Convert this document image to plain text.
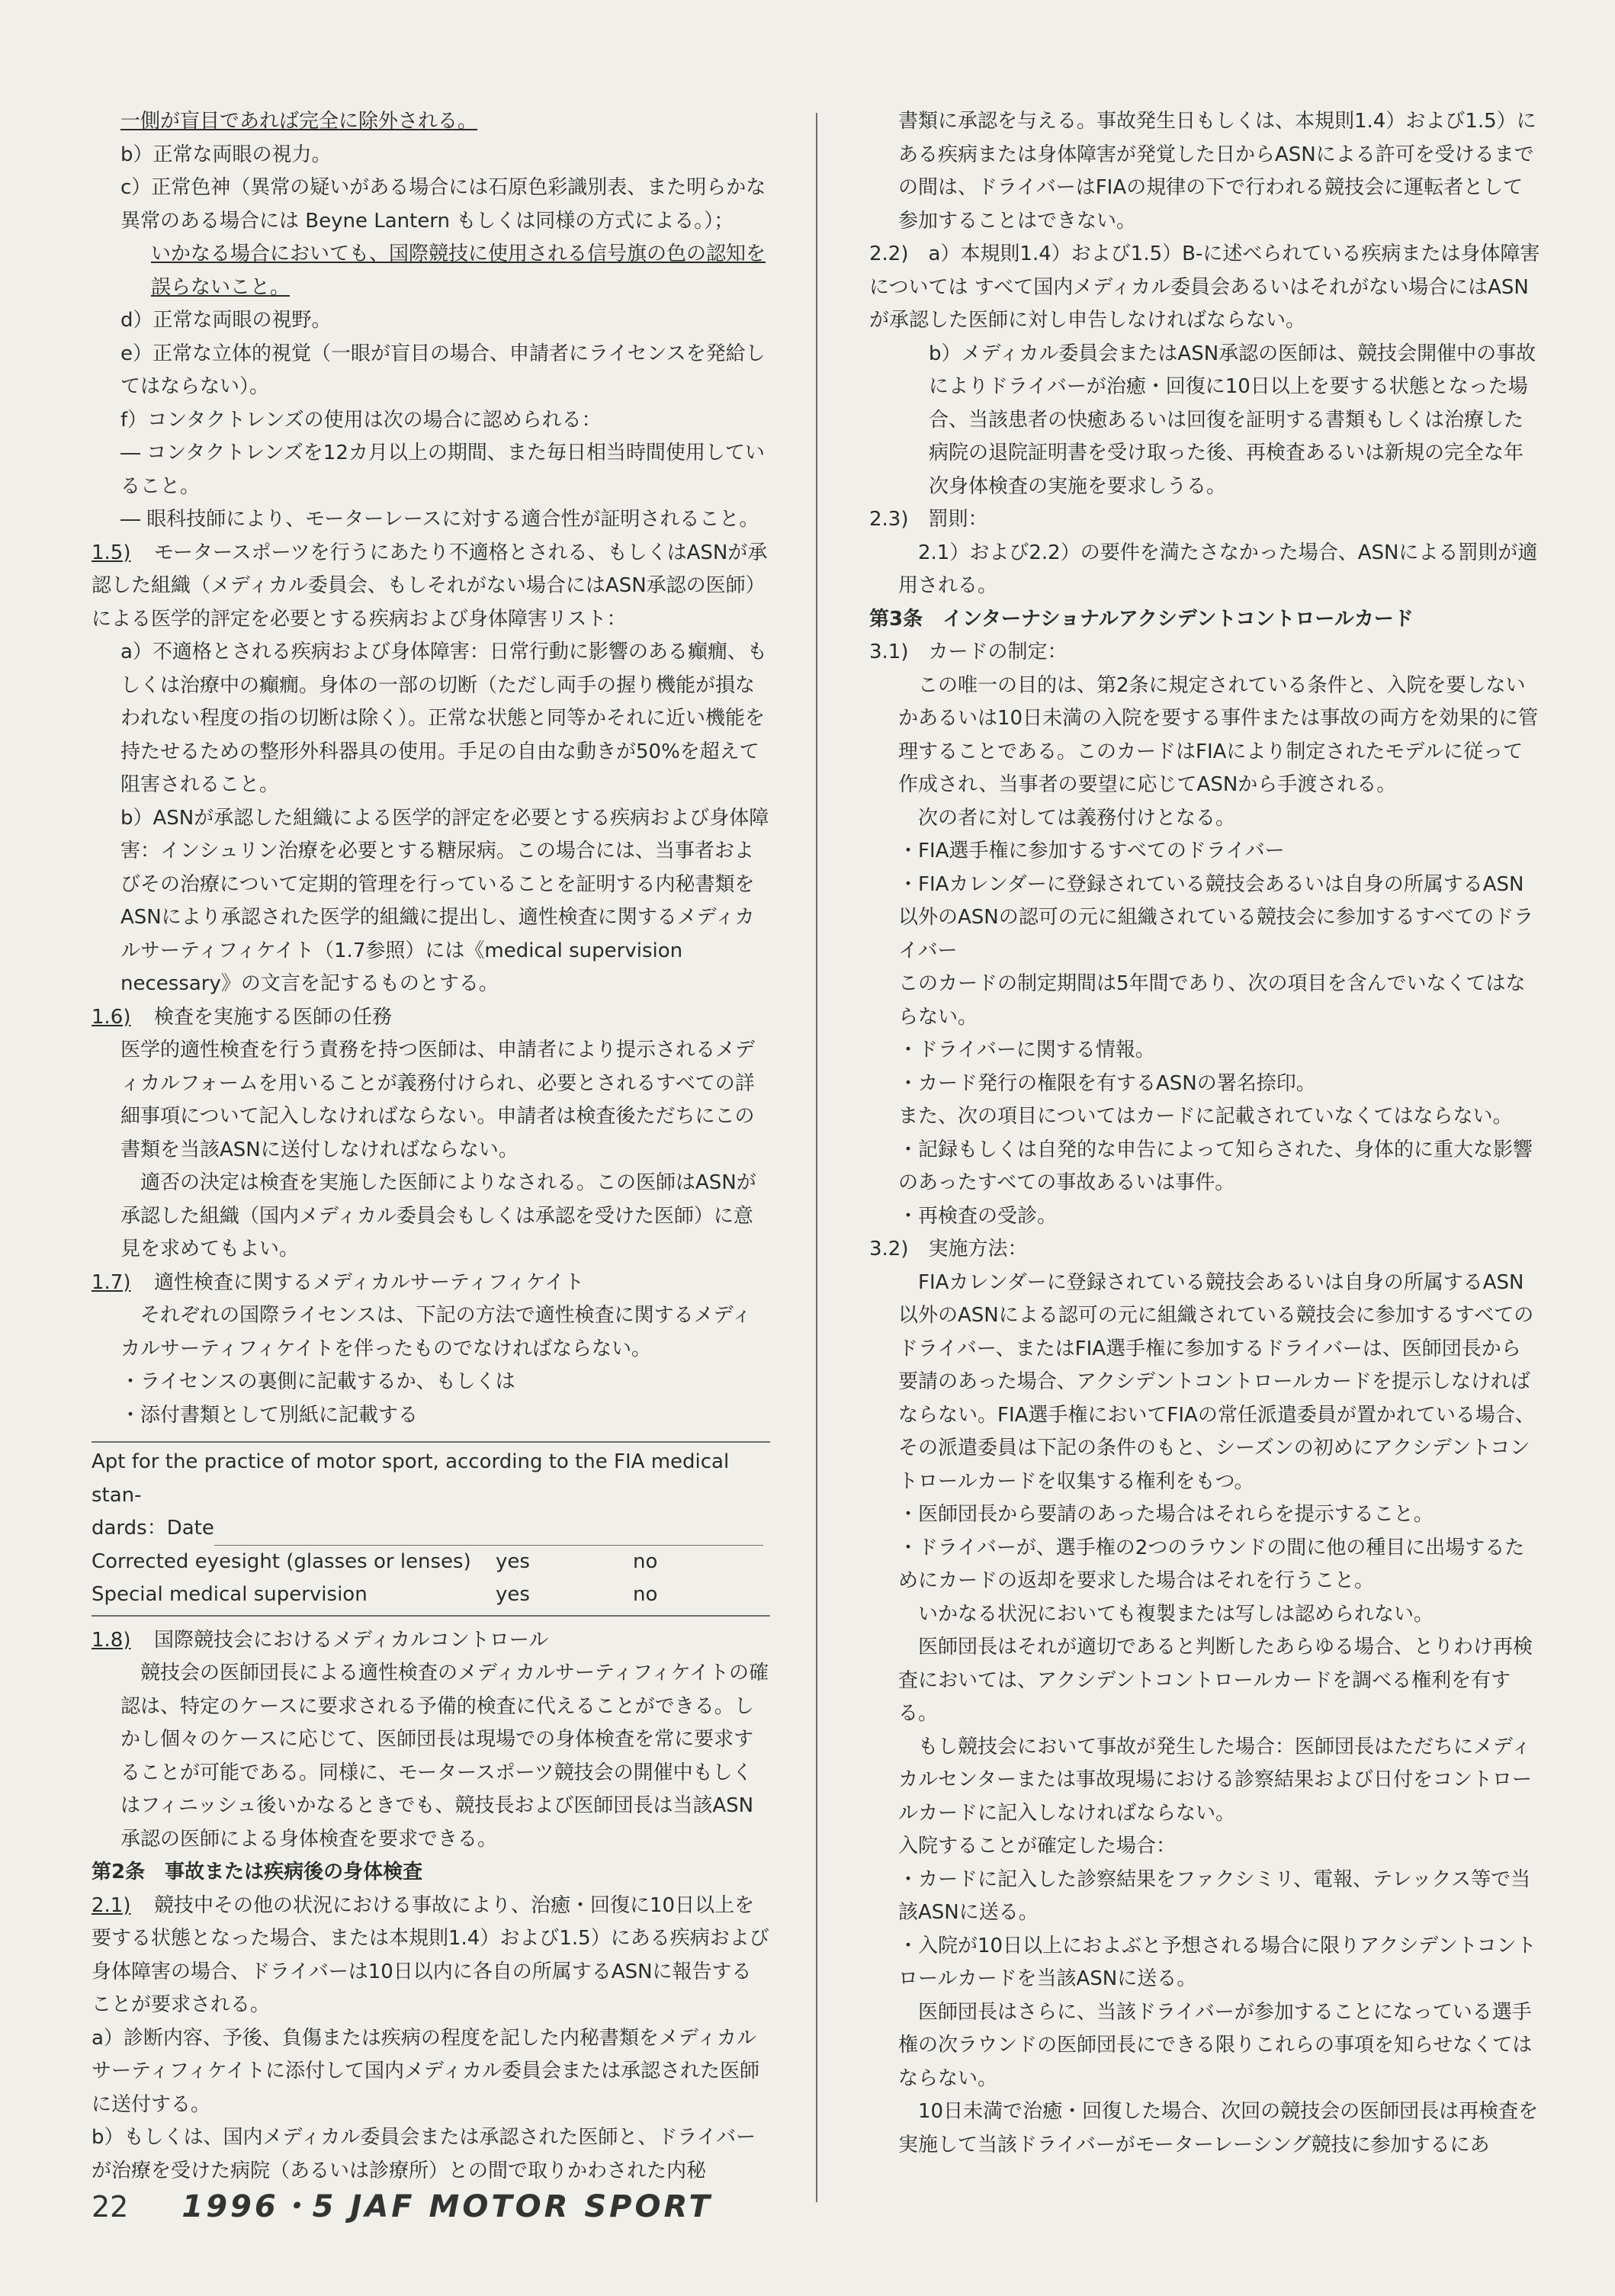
一側が盲目であれば完全に除外される。

b）正常な両眼の視力。

c）正常色神（異常の疑いがある場合には石原色彩識別表、また明らかな異常のある場合には Beyne Lantern もしくは同様の方式による。）；

いかなる場合においても、国際競技に使用される信号旗の色の認知を誤らないこと。

d）正常な両眼の視野。

e）正常な立体的視覚（一眼が盲目の場合、申請者にライセンスを発給してはならない）。

f）コンタクトレンズの使用は次の場合に認められる：

― コンタクトレンズを12カ月以上の期間、また毎日相当時間使用していること。

― 眼科技師により、モーターレースに対する適合性が証明されること。

1.5) モータースポーツを行うにあたり不適格とされる、もしくはASNが承認した組織（メディカル委員会、もしそれがない場合にはASN承認の医師）による医学的評定を必要とする疾病および身体障害リスト：

a）不適格とされる疾病および身体障害：日常行動に影響のある癲癇、もしくは治療中の癲癇。身体の一部の切断（ただし両手の握り機能が損なわれない程度の指の切断は除く）。正常な状態と同等かそれに近い機能を持たせるための整形外科器具の使用。手足の自由な動きが50%を超えて阻害されること。

b）ASNが承認した組織による医学的評定を必要とする疾病および身体障害：インシュリン治療を必要とする糖尿病。この場合には、当事者およびその治療について定期的管理を行っていることを証明する内秘書類をASNにより承認された医学的組織に提出し、適性検査に関するメディカルサーティフィケイト（1.7参照）には《medical supervision necessary》の文言を記するものとする。

1.6) 検査を実施する医師の任務

医学的適性検査を行う責務を持つ医師は、申請者により提示されるメディカルフォームを用いることが義務付けられ、必要とされるすべての詳細事項について記入しなければならない。申請者は検査後ただちにこの書類を当該ASNに送付しなければならない。

適否の決定は検査を実施した医師によりなされる。この医師はASNが承認した組織（国内メディカル委員会もしくは承認を受けた医師）に意見を求めてもよい。

1.7) 適性検査に関するメディカルサーティフィケイト

それぞれの国際ライセンスは、下記の方法で適性検査に関するメディカルサーティフィケイトを伴ったものでなければならない。

・ライセンスの裏側に記載するか、もしくは

・添付書類として別紙に記載する

Apt for the practice of motor sport, according to the FIA medical stan-

dards：Date

Corrected eyesight (glasses or lenses)	yes	no
Special medical supervision	yes	no

1.8) 国際競技会におけるメディカルコントロール

競技会の医師団長による適性検査のメディカルサーティフィケイトの確認は、特定のケースに要求される予備的検査に代えることができる。しかし個々のケースに応じて、医師団長は現場での身体検査を常に要求することが可能である。同様に、モータースポーツ競技会の開催中もしくはフィニッシュ後いかなるときでも、競技長および医師団長は当該ASN承認の医師による身体検査を要求できる。

第2条　事故または疾病後の身体検査

2.1) 競技中その他の状況における事故により、治癒・回復に10日以上を要する状態となった場合、または本規則1.4）および1.5）にある疾病および身体障害の場合、ドライバーは10日以内に各自の所属するASNに報告することが要求される。

a）診断内容、予後、負傷または疾病の程度を記した内秘書類をメディカルサーティフィケイトに添付して国内メディカル委員会または承認された医師に送付する。

b）もしくは、国内メディカル委員会または承認された医師と、ドライバーが治療を受けた病院（あるいは診療所）との間で取りかわされた内秘

書類に承認を与える。事故発生日もしくは、本規則1.4）および1.5）にある疾病または身体障害が発覚した日からASNによる許可を受けるまでの間は、ドライバーはFIAの規律の下で行われる競技会に運転者として参加することはできない。

2.2)　a）本規則1.4）および1.5）B-に述べられている疾病または身体障害については すべて国内メディカル委員会あるいはそれがない場合にはASNが承認した医師に対し申告しなければならない。

b）メディカル委員会またはASN承認の医師は、競技会開催中の事故によりドライバーが治癒・回復に10日以上を要する状態となった場合、当該患者の快癒あるいは回復を証明する書類もしくは治療した病院の退院証明書を受け取った後、再検査あるいは新規の完全な年次身体検査の実施を要求しうる。

2.3)　罰則：

2.1）および2.2）の要件を満たさなかった場合、ASNによる罰則が適用される。

第3条　インターナショナルアクシデントコントロールカード

3.1)　カードの制定：

この唯一の目的は、第2条に規定されている条件と、入院を要しないかあるいは10日未満の入院を要する事件または事故の両方を効果的に管理することである。このカードはFIAにより制定されたモデルに従って作成され、当事者の要望に応じてASNから手渡される。

次の者に対しては義務付けとなる。

・FIA選手権に参加するすべてのドライバー

・FIAカレンダーに登録されている競技会あるいは自身の所属するASN以外のASNの認可の元に組織されている競技会に参加するすべてのドライバー

このカードの制定期間は5年間であり、次の項目を含んでいなくてはならない。

・ドライバーに関する情報。

・カード発行の権限を有するASNの署名捺印。

また、次の項目についてはカードに記載されていなくてはならない。

・記録もしくは自発的な申告によって知らされた、身体的に重大な影響のあったすべての事故あるいは事件。

・再検査の受診。

3.2)　実施方法：

FIAカレンダーに登録されている競技会あるいは自身の所属するASN以外のASNによる認可の元に組織されている競技会に参加するすべてのドライバー、またはFIA選手権に参加するドライバーは、医師団長から要請のあった場合、アクシデントコントロールカードを提示しなければならない。FIA選手権においてFIAの常任派遣委員が置かれている場合、その派遣委員は下記の条件のもと、シーズンの初めにアクシデントコントロールカードを収集する権利をもつ。

・医師団長から要請のあった場合はそれらを提示すること。

・ドライバーが、選手権の2つのラウンドの間に他の種目に出場するためにカードの返却を要求した場合はそれを行うこと。

いかなる状況においても複製または写しは認められない。

医師団長はそれが適切であると判断したあらゆる場合、とりわけ再検査においては、アクシデントコントロールカードを調べる権利を有する。

もし競技会において事故が発生した場合：医師団長はただちにメディカルセンターまたは事故現場における診察結果および日付をコントロールカードに記入しなければならない。

入院することが確定した場合：

・カードに記入した診察結果をファクシミリ、電報、テレックス等で当該ASNに送る。

・入院が10日以上におよぶと予想される場合に限りアクシデントコントロールカードを当該ASNに送る。

医師団長はさらに、当該ドライバーが参加することになっている選手権の次ラウンドの医師団長にできる限りこれらの事項を知らせなくてはならない。

10日未満で治癒・回復した場合、次回の競技会の医師団長は再検査を実施して当該ドライバーがモーターレーシング競技に参加するにあ

22 1996・5 JAF MOTOR SPORT
